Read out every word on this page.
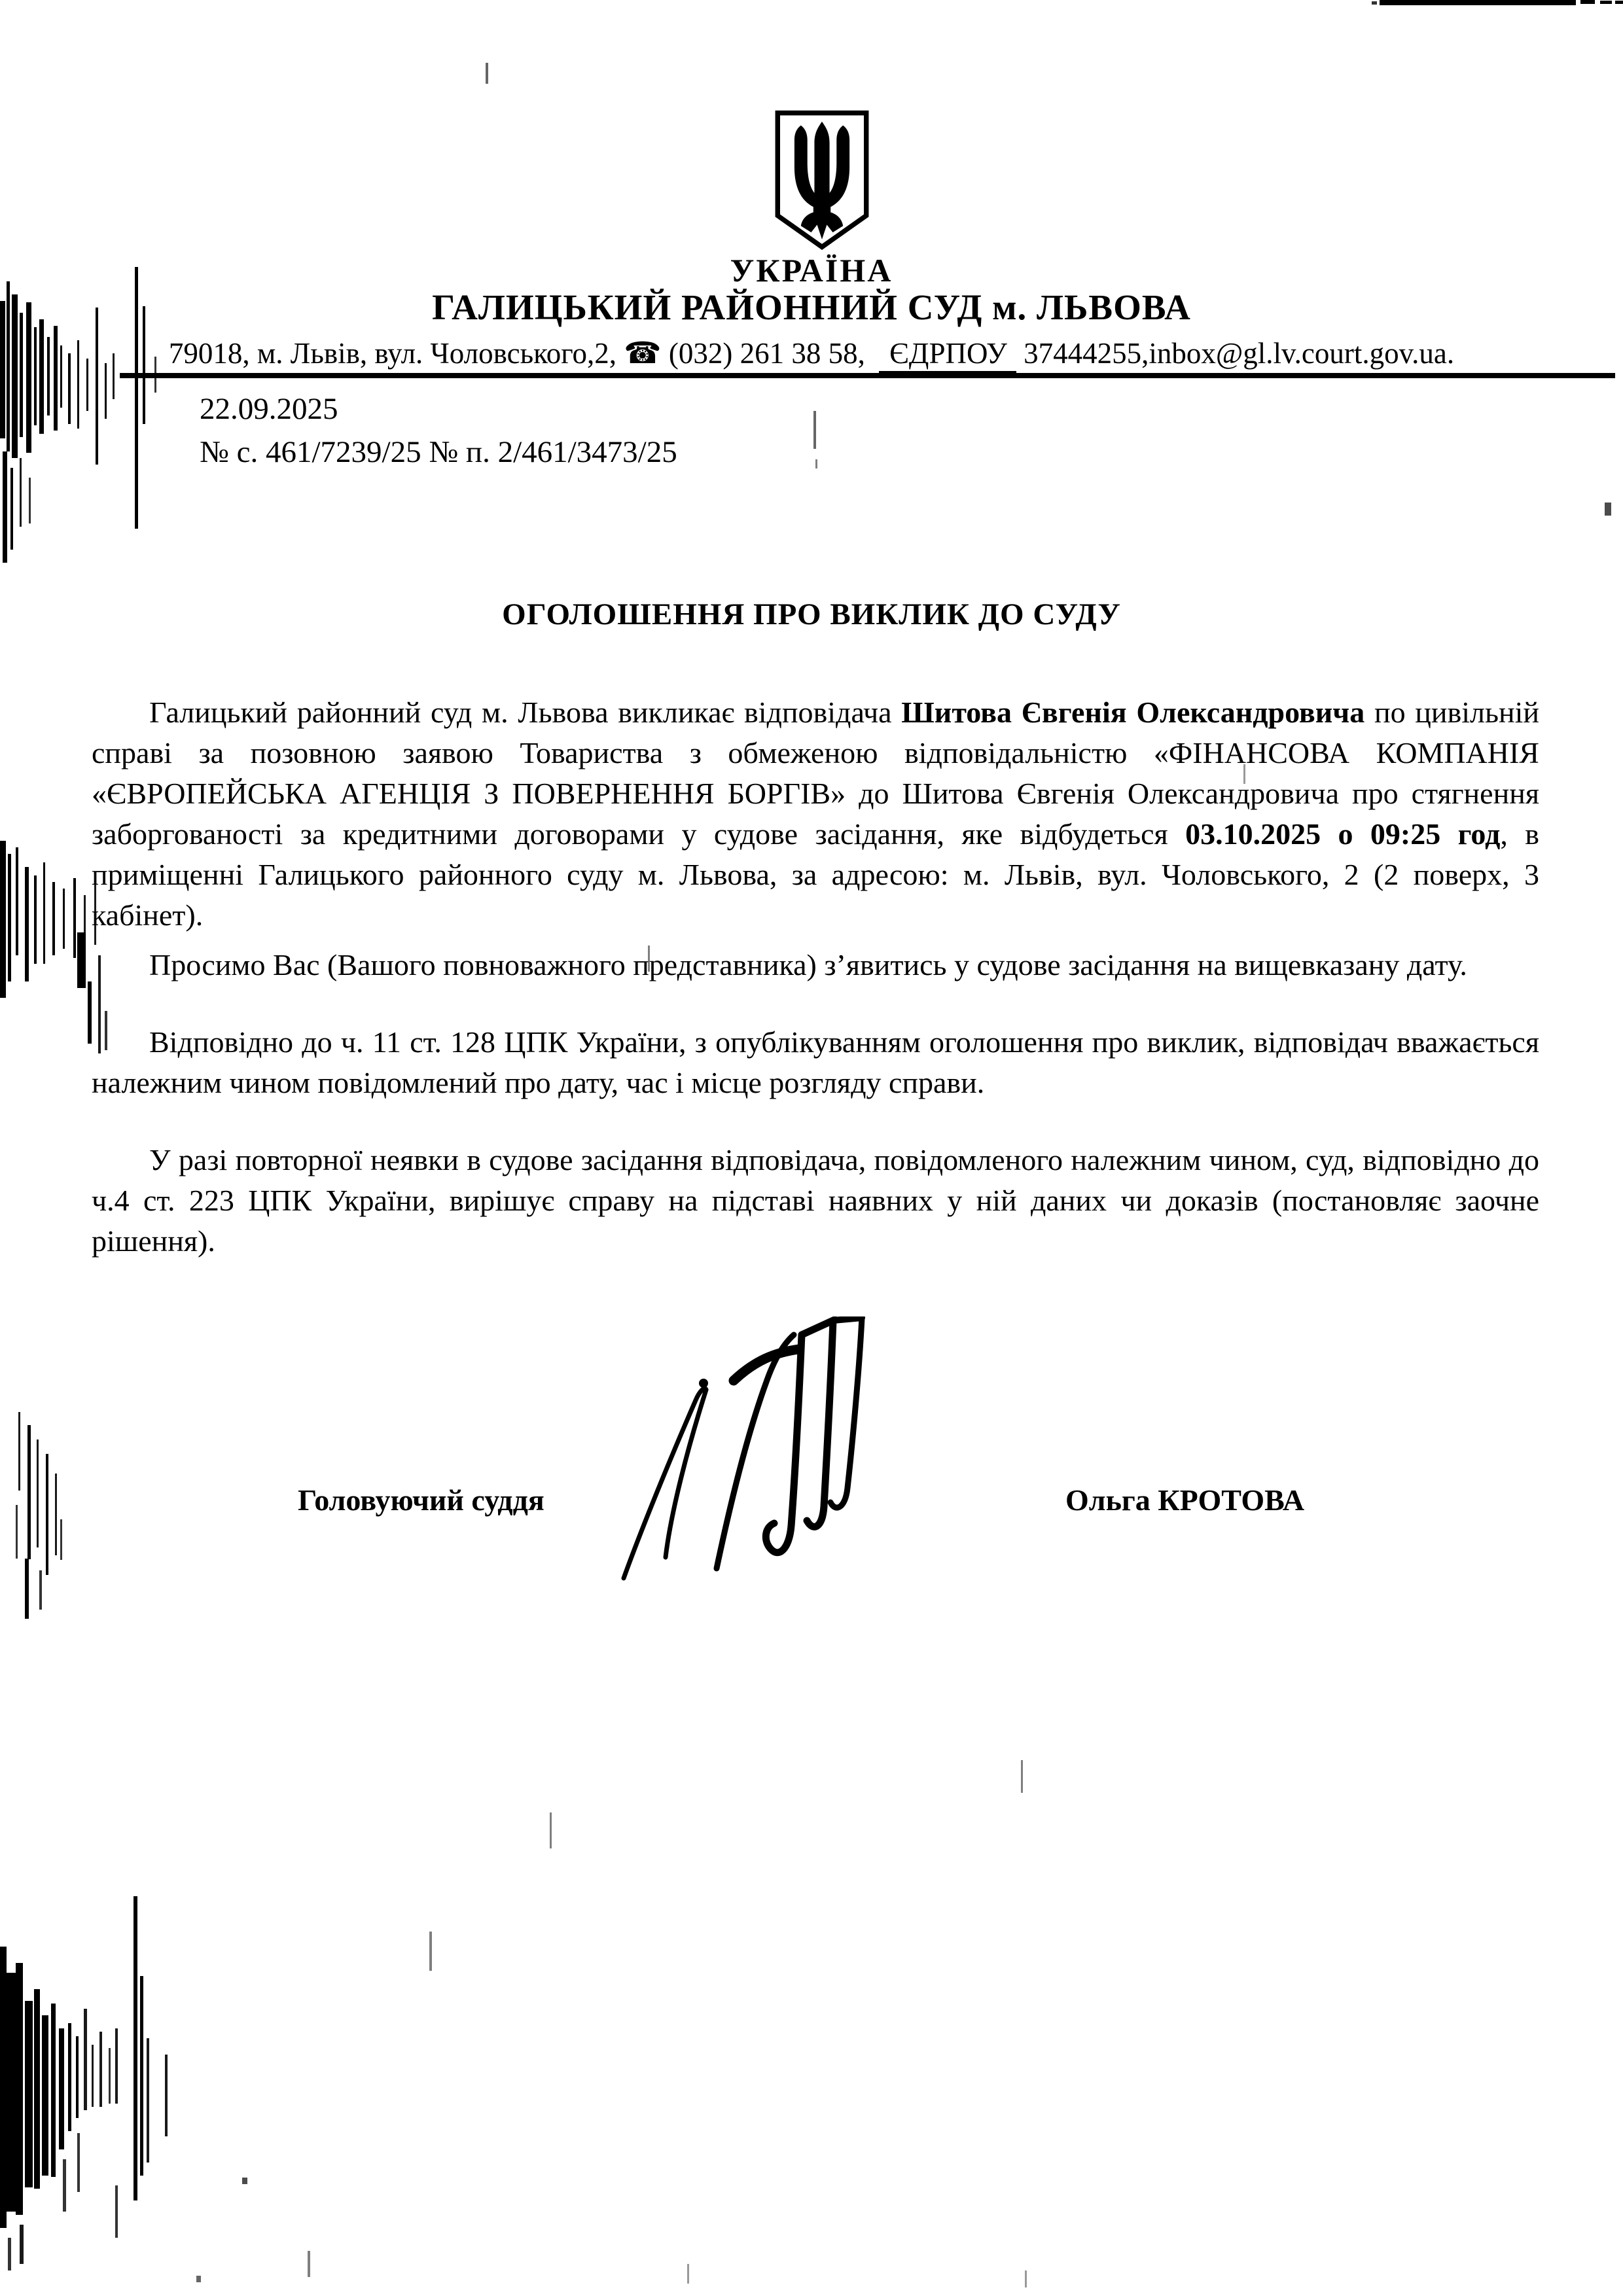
УКРАЇНА
ГАЛИЦЬКИЙ РАЙОННИЙ СУД м. ЛЬВОВА
79018, м. Львів, вул. Чоловського,2, ☎ (032) 261 38 58, ЄДРПОУ 37444255,inbox@gl.lv.court.gov.ua.
22.09.2025
№ с. 461/7239/25 № п. 2/461/3473/25
ОГОЛОШЕННЯ ПРО ВИКЛИК ДО СУДУ

Галицький районний суд м. Львова викликає відповідача Шитова Євгенія Олександровича по цивільній справі за позовною заявою Товариства з обмеженою відповідальністю «ФІНАНСОВА КОМПАНІЯ «ЄВРОПЕЙСЬКА АГЕНЦІЯ З ПОВЕРНЕННЯ БОРГІВ» до Шитова Євгенія Олександровича про стягнення заборгованості за кредитними договорами у судове засідання, яке відбудеться 03.10.2025 о 09:25 год, в приміщенні Галицького районного суду м. Львова, за адресою: м. Львів, вул. Чоловського, 2 (2 поверх, 3 кабінет).

Просимо Вас (Вашого повноважного представника) з’явитись у судове засідання на вищевказану дату.

Відповідно до ч. 11 ст. 128 ЦПК України, з опублікуванням оголошення про виклик, відповідач вважається належним чином повідомлений про дату, час і місце розгляду справи.

У разі повторної неявки в судове засідання відповідача, повідомленого належним чином, суд, відповідно до ч.4 ст. 223 ЦПК України, вирішує справу на підставі наявних у ній даних чи доказів (постановляє заочне рішення).

Головуючий суддя	Ольга КРОТОВА
